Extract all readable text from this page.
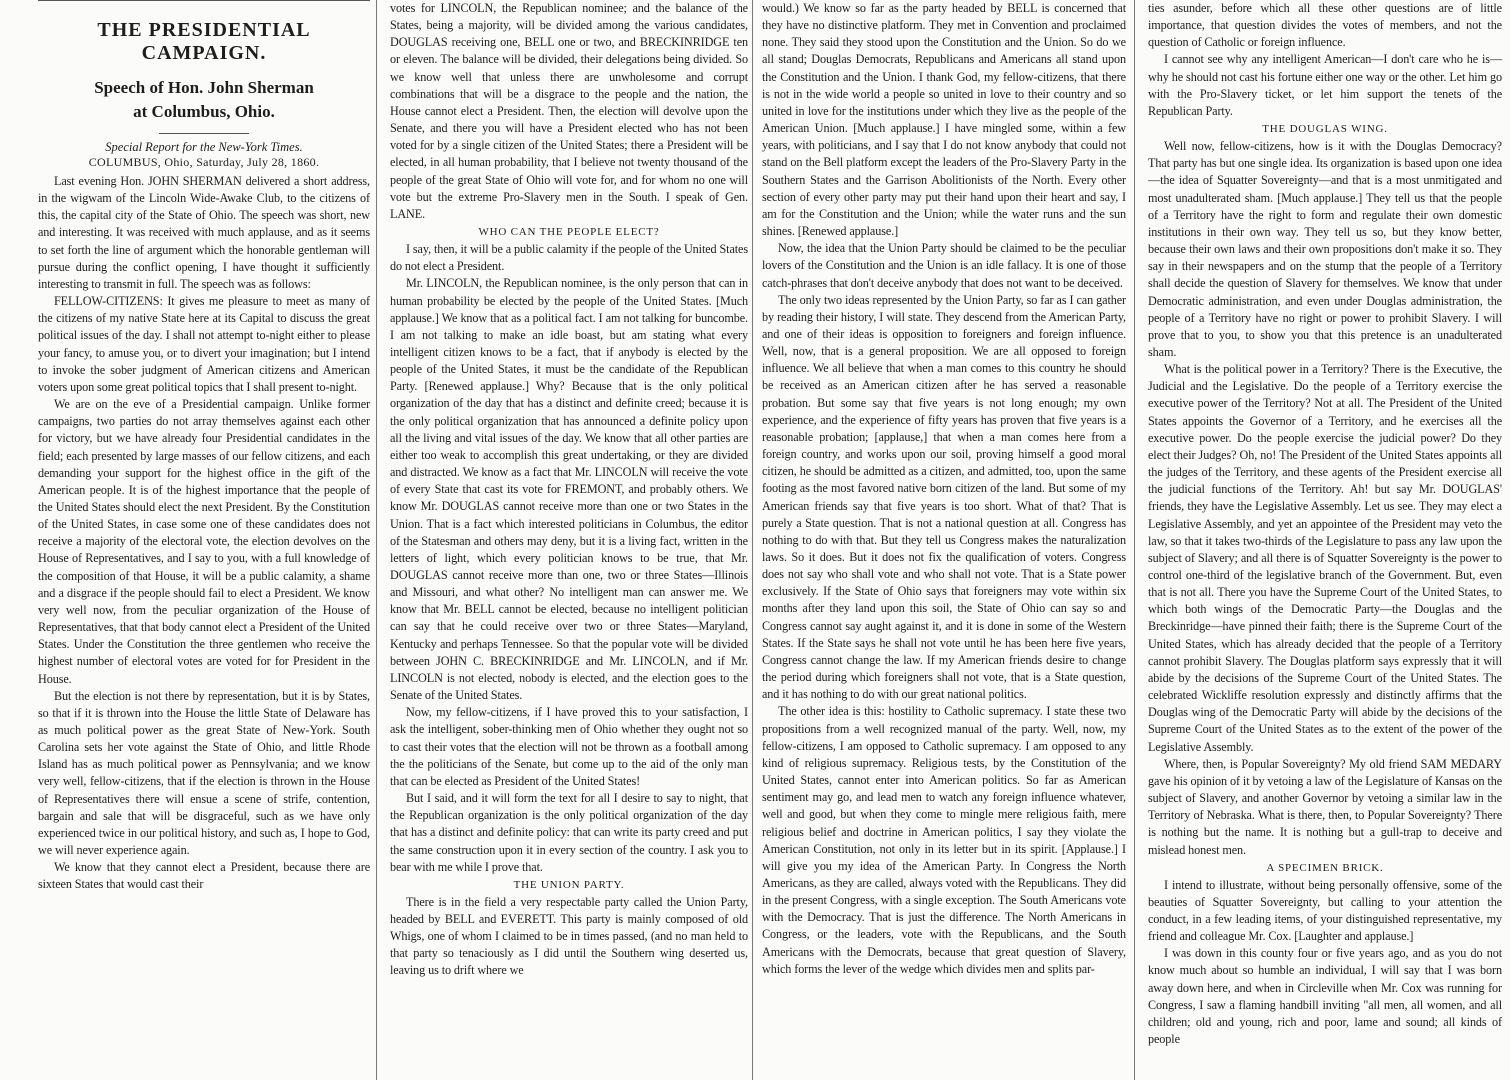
THE PRESIDENTIAL CAMPAIGN.
Speech of Hon. John Sherman
at Columbus, Ohio.
Special Report for the New-York Times.
COLUMBUS, Ohio, Saturday, July 28, 1860.

Last evening Hon. JOHN SHERMAN delivered a short address, in the wigwam of the Lincoln Wide-Awake Club, to the citizens of this, the capital city of the State of Ohio. The speech was short, new and interesting. It was received with much applause, and as it seems to set forth the line of argument which the honorable gentleman will pursue during the conflict opening, I have thought it sufficiently interesting to transmit in full. The speech was as follows:

FELLOW-CITIZENS: It gives me pleasure to meet as many of the citizens of my native State here at its Capital to discuss the great political issues of the day. I shall not attempt to-night either to please your fancy, to amuse you, or to divert your imagination; but I intend to invoke the sober judgment of American citizens and American voters upon some great political topics that I shall present to-night.

We are on the eve of a Presidential campaign. Unlike former campaigns, two parties do not array themselves against each other for victory, but we have already four Presidential candidates in the field; each presented by large masses of our fellow citizens, and each demanding your support for the highest office in the gift of the American people. It is of the highest importance that the people of the United States should elect the next President. By the Constitution of the United States, in case some one of these candidates does not receive a majority of the electoral vote, the election devolves on the House of Representatives, and I say to you, with a full knowledge of the composition of that House, it will be a public calamity, a shame and a disgrace if the people should fail to elect a President. We know very well now, from the peculiar organization of the House of Representatives, that that body cannot elect a President of the United States. Under the Constitution the three gentlemen who receive the highest number of electoral votes are voted for for President in the House.

But the election is not there by representation, but it is by States, so that if it is thrown into the House the little State of Delaware has as much political power as the great State of New-York. South Carolina sets her vote against the State of Ohio, and little Rhode Island has as much political power as Pennsylvania; and we know very well, fellow-citizens, that if the election is thrown in the House of Representatives there will ensue a scene of strife, contention, bargain and sale that will be disgraceful, such as we have only experienced twice in our political history, and such as, I hope to God, we will never experience again.

We know that they cannot elect a President, because there are sixteen States that would cast their

votes for LINCOLN, the Republican nominee; and the balance of the States, being a majority, will be divided among the various candidates, DOUGLAS receiving one, BELL one or two, and BRECKINRIDGE ten or eleven. The balance will be divided, their delegations being divided. So we know well that unless there are unwholesome and corrupt combinations that will be a disgrace to the people and the nation, the House cannot elect a President. Then, the election will devolve upon the Senate, and there you will have a President elected who has not been voted for by a single citizen of the United States; there a President will be elected, in all human probability, that I believe not twenty thousand of the people of the great State of Ohio will vote for, and for whom no one will vote but the extreme Pro-Slavery men in the South. I speak of Gen. LANE.

WHO CAN THE PEOPLE ELECT?

I say, then, it will be a public calamity if the people of the United States do not elect a President.

Mr. LINCOLN, the Republican nominee, is the only person that can in human probability be elected by the people of the United States. [Much applause.] We know that as a political fact. I am not talking for buncombe. I am not talking to make an idle boast, but am stating what every intelligent citizen knows to be a fact, that if anybody is elected by the people of the United States, it must be the candidate of the Republican Party. [Renewed applause.] Why? Because that is the only political organization of the day that has a distinct and definite creed; because it is the only political organization that has announced a definite policy upon all the living and vital issues of the day. We know that all other parties are either too weak to accomplish this great undertaking, or they are divided and distracted. We know as a fact that Mr. LINCOLN will receive the vote of every State that cast its vote for FREMONT, and probably others. We know Mr. DOUGLAS cannot receive more than one or two States in the Union. That is a fact which interested politicians in Columbus, the editor of the Statesman and others may deny, but it is a living fact, written in the letters of light, which every politician knows to be true, that Mr. DOUGLAS cannot receive more than one, two or three States—Illinois and Missouri, and what other? No intelligent man can answer me. We know that Mr. BELL cannot be elected, because no intelligent politician can say that he could receive over two or three States—Maryland, Kentucky and perhaps Tennessee. So that the popular vote will be divided between JOHN C. BRECKINRIDGE and Mr. LINCOLN, and if Mr. LINCOLN is not elected, nobody is elected, and the election goes to the Senate of the United States.

Now, my fellow-citizens, if I have proved this to your satisfaction, I ask the intelligent, sober-thinking men of Ohio whether they ought not so to cast their votes that the election will not be thrown as a football among the the politicians of the Senate, but come up to the aid of the only man that can be elected as President of the United States!

But I said, and it will form the text for all I desire to say to night, that the Republican organization is the only political organization of the day that has a distinct and definite policy: that can write its party creed and put the same construction upon it in every section of the country. I ask you to bear with me while I prove that.

THE UNION PARTY.

There is in the field a very respectable party called the Union Party, headed by BELL and EVERETT. This party is mainly composed of old Whigs, one of whom I claimed to be in times passed, (and no man held to that party so tenaciously as I did until the Southern wing deserted us, leaving us to drift where we

would.) We know so far as the party headed by BELL is concerned that they have no distinctive platform. They met in Convention and proclaimed none. They said they stood upon the Constitution and the Union. So do we all stand; Douglas Democrats, Republicans and Americans all stand upon the Constitution and the Union. I thank God, my fellow-citizens, that there is not in the wide world a people so united in love to their country and so united in love for the institutions under which they live as the people of the American Union. [Much applause.] I have mingled some, within a few years, with politicians, and I say that I do not know anybody that could not stand on the Bell platform except the leaders of the Pro-Slavery Party in the Southern States and the Garrison Abolitionists of the North. Every other section of every other party may put their hand upon their heart and say, I am for the Constitution and the Union; while the water runs and the sun shines. [Renewed applause.]

Now, the idea that the Union Party should be claimed to be the peculiar lovers of the Constitution and the Union is an idle fallacy. It is one of those catch-phrases that don't deceive anybody that does not want to be deceived.

The only two ideas represented by the Union Party, so far as I can gather by reading their history, I will state. They descend from the American Party, and one of their ideas is opposition to foreigners and foreign influence. Well, now, that is a general proposition. We are all opposed to foreign influence. We all believe that when a man comes to this country he should be received as an American citizen after he has served a reasonable probation. But some say that five years is not long enough; my own experience, and the experience of fifty years has proven that five years is a reasonable probation; [applause,] that when a man comes here from a foreign country, and works upon our soil, proving himself a good moral citizen, he should be admitted as a citizen, and admitted, too, upon the same footing as the most favored native born citizen of the land. But some of my American friends say that five years is too short. What of that? That is purely a State question. That is not a national question at all. Congress has nothing to do with that. But they tell us Congress makes the naturalization laws. So it does. But it does not fix the qualification of voters. Congress does not say who shall vote and who shall not vote. That is a State power exclusively. If the State of Ohio says that foreigners may vote within six months after they land upon this soil, the State of Ohio can say so and Congress cannot say aught against it, and it is done in some of the Western States. If the State says he shall not vote until he has been here five years, Congress cannot change the law. If my American friends desire to change the period during which foreigners shall not vote, that is a State question, and it has nothing to do with our great national politics.

The other idea is this: hostility to Catholic supremacy. I state these two propositions from a well recognized manual of the party. Well, now, my fellow-citizens, I am opposed to Catholic supremacy. I am opposed to any kind of religious supremacy. Religious tests, by the Constitution of the United States, cannot enter into American politics. So far as American sentiment may go, and lead men to watch any foreign influence whatever, well and good, but when they come to mingle mere religious faith, mere religious belief and doctrine in American politics, I say they violate the American Constitution, not only in its letter but in its spirit. [Applause.] I will give you my idea of the American Party. In Congress the North Americans, as they are called, always voted with the Republicans. They did in the present Congress, with a single exception. The South Americans vote with the Democracy. That is just the difference. The North Americans in Congress, or the leaders, vote with the Republicans, and the South Americans with the Democrats, because that great question of Slavery, which forms the lever of the wedge which divides men and splits par-

ties asunder, before which all these other questions are of little importance, that question divides the votes of members, and not the question of Catholic or foreign influence.

I cannot see why any intelligent American—I don't care who he is—why he should not cast his fortune either one way or the other. Let him go with the Pro-Slavery ticket, or let him support the tenets of the Republican Party.

THE DOUGLAS WING.

Well now, fellow-citizens, how is it with the Douglas Democracy? That party has but one single idea. Its organization is based upon one idea—the idea of Squatter Sovereignty—and that is a most unmitigated and most unadulterated sham. [Much applause.] They tell us that the people of a Territory have the right to form and regulate their own domestic institutions in their own way. They tell us so, but they know better, because their own laws and their own propositions don't make it so. They say in their newspapers and on the stump that the people of a Territory shall decide the question of Slavery for themselves. We know that under Democratic administration, and even under Douglas administration, the people of a Territory have no right or power to prohibit Slavery. I will prove that to you, to show you that this pretence is an unadulterated sham.

What is the political power in a Territory? There is the Executive, the Judicial and the Legislative. Do the people of a Territory exercise the executive power of the Territory? Not at all. The President of the United States appoints the Governor of a Territory, and he exercises all the executive power. Do the people exercise the judicial power? Do they elect their Judges? Oh, no! The President of the United States appoints all the judges of the Territory, and these agents of the President exercise all the judicial functions of the Territory. Ah! but say Mr. DOUGLAS' friends, they have the Legislative Assembly. Let us see. They may elect a Legislative Assembly, and yet an appointee of the President may veto the law, so that it takes two-thirds of the Legislature to pass any law upon the subject of Slavery; and all there is of Squatter Sovereignty is the power to control one-third of the legislative branch of the Government. But, even that is not all. There you have the Supreme Court of the United States, to which both wings of the Democratic Party—the Douglas and the Breckinridge—have pinned their faith; there is the Supreme Court of the United States, which has already decided that the people of a Territory cannot prohibit Slavery. The Douglas platform says expressly that it will abide by the decisions of the Supreme Court of the United States. The celebrated Wickliffe resolution expressly and distinctly affirms that the Douglas wing of the Democratic Party will abide by the decisions of the Supreme Court of the United States as to the extent of the power of the Legislative Assembly.

Where, then, is Popular Sovereignty? My old friend SAM MEDARY gave his opinion of it by vetoing a law of the Legislature of Kansas on the subject of Slavery, and another Governor by vetoing a similar law in the Territory of Nebraska. What is there, then, to Popular Sovereignty? There is nothing but the name. It is nothing but a gull-trap to deceive and mislead honest men.

A SPECIMEN BRICK.

I intend to illustrate, without being personally offensive, some of the beauties of Squatter Sovereignty, but calling to your attention the conduct, in a few leading items, of your distinguished representative, my friend and colleague Mr. Cox. [Laughter and applause.]

I was down in this county four or five years ago, and as you do not know much about so humble an individual, I will say that I was born away down here, and when in Circleville when Mr. Cox was running for Congress, I saw a flaming handbill inviting "all men, all women, and all children; old and young, rich and poor, lame and sound; all kinds of people
